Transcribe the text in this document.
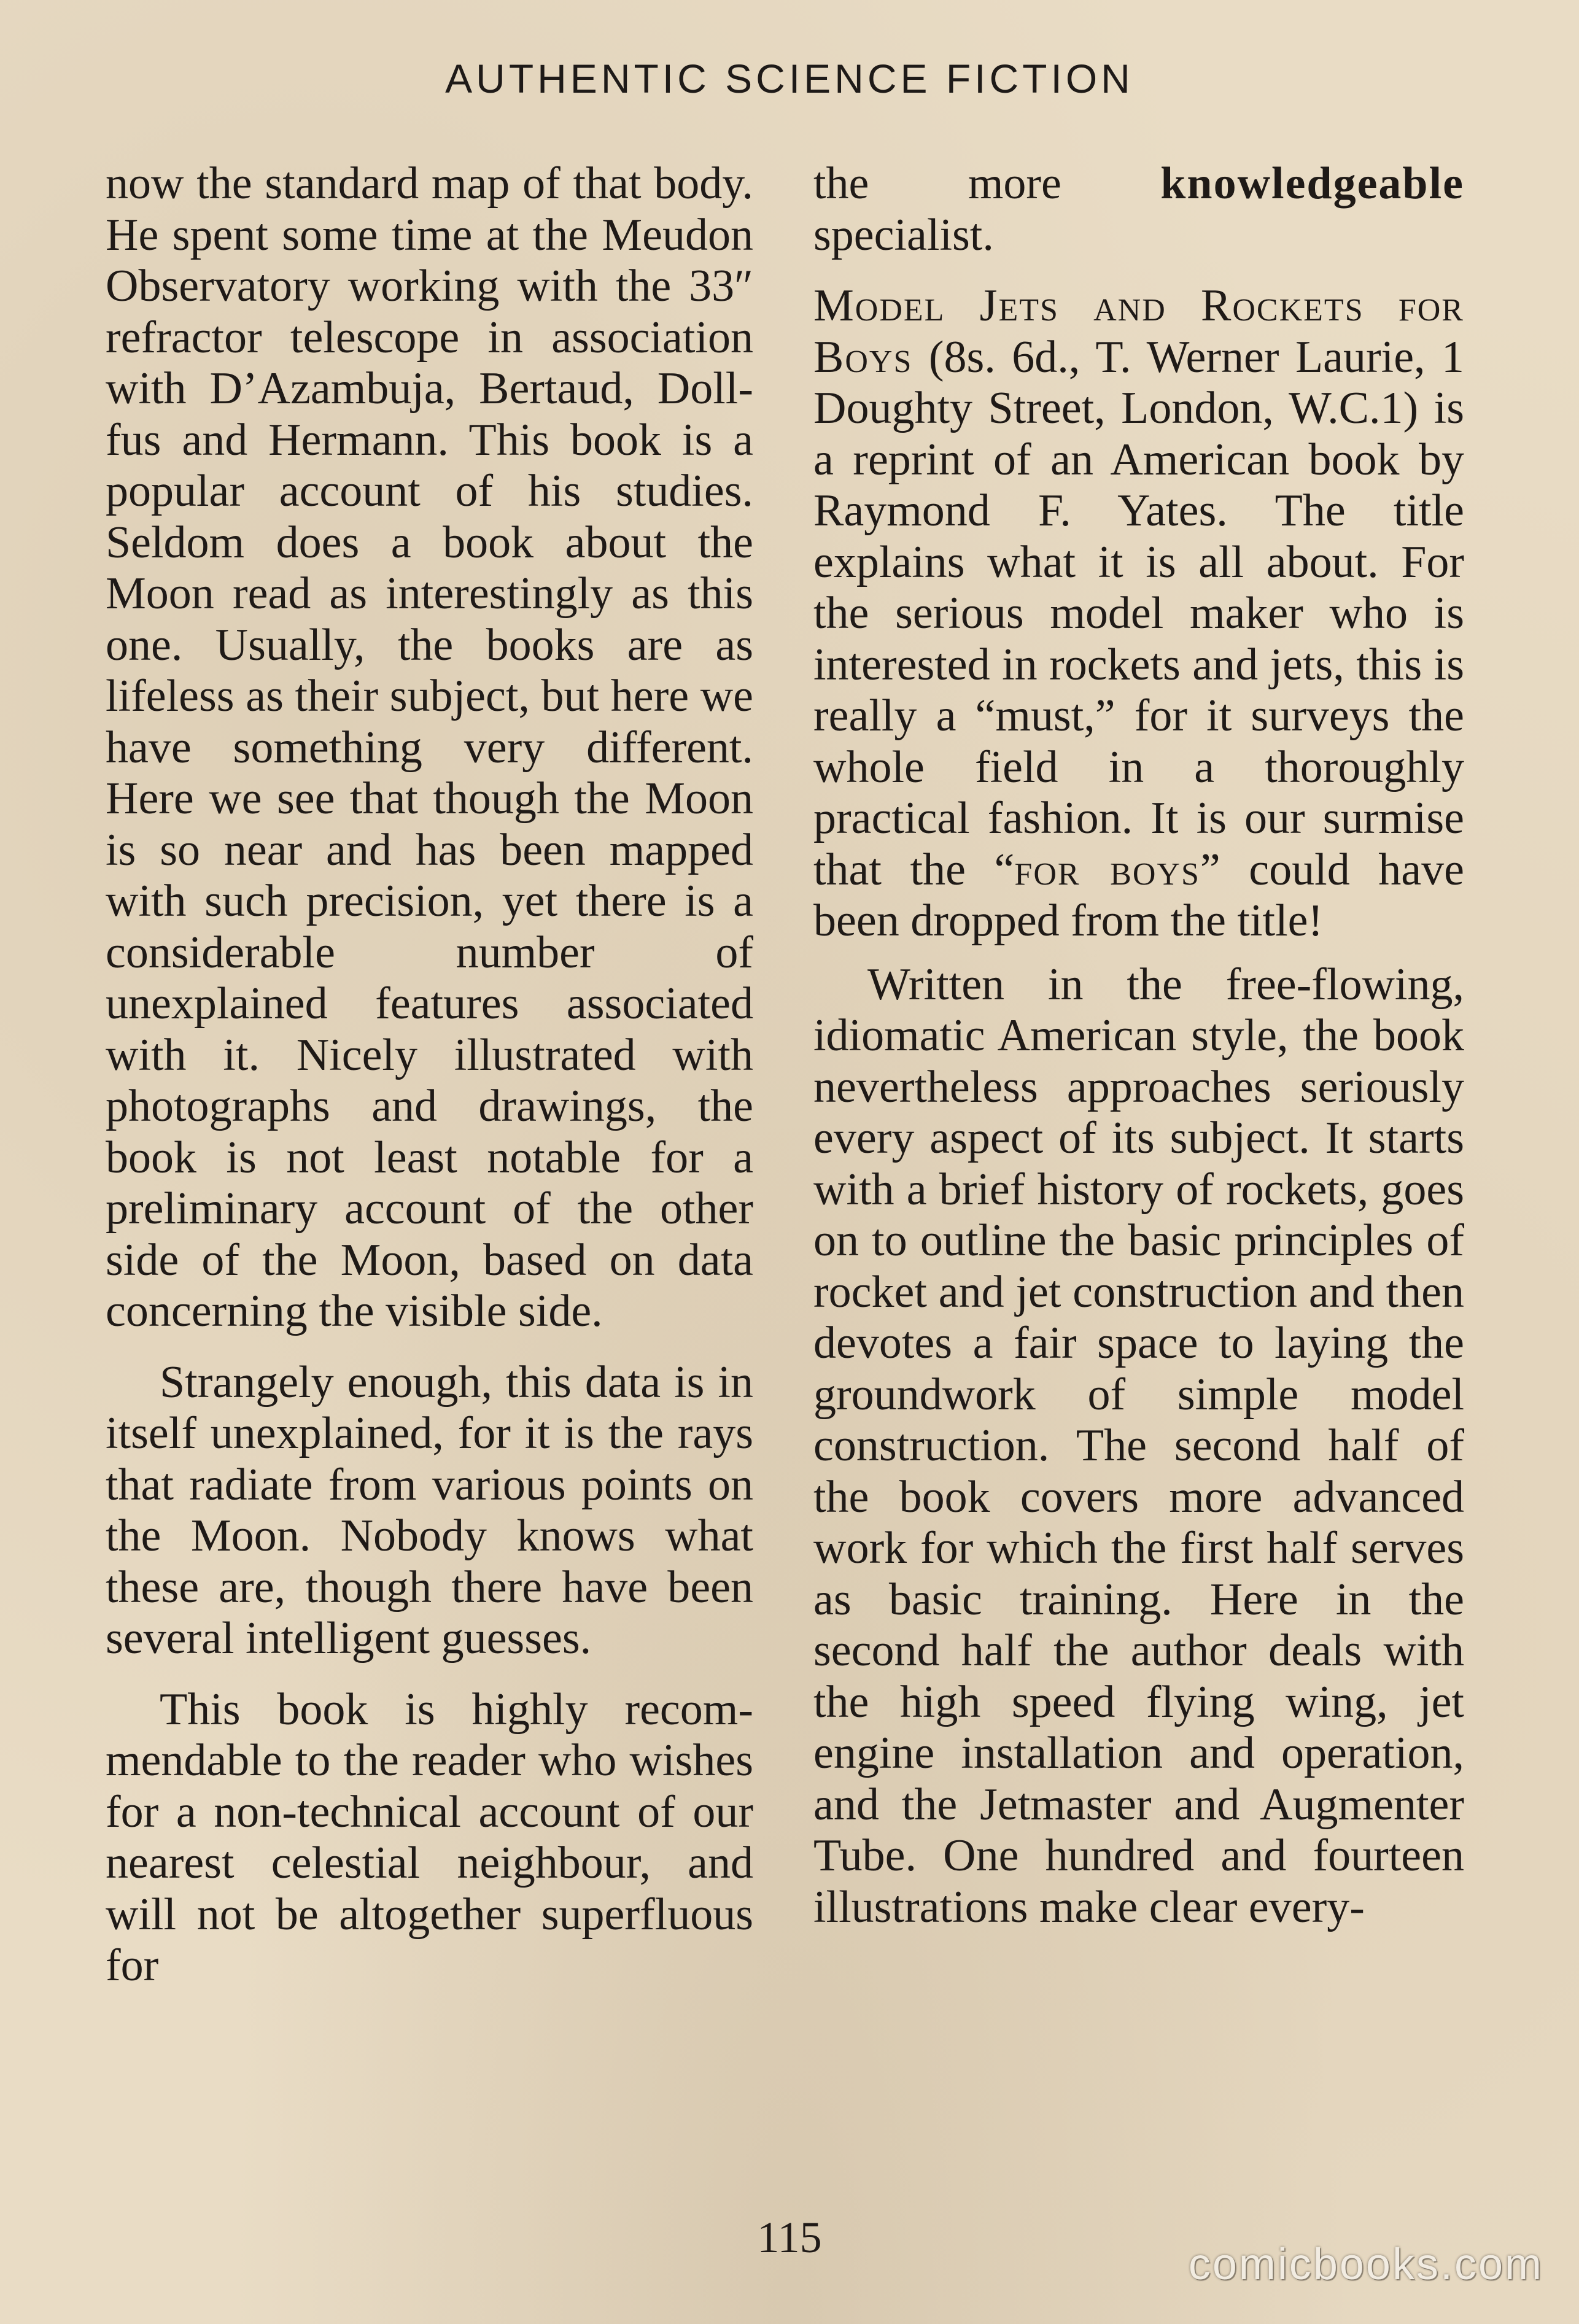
AUTHENTIC SCIENCE FICTION

now the standard map of that body. He spent some time at the Meudon Observatory working with the 33″ refractor telescope in association with D’Azambuja, Bertaud, Dollfus and Hermann. This book is a popular account of his studies. Seldom does a book about the Moon read as interestingly as this one. Usually, the books are as lifeless as their subject, but here we have something very different. Here we see that though the Moon is so near and has been mapped with such precision, yet there is a considerable number of unexplained features associated with it. Nicely illustrated with photographs and drawings, the book is not least notable for a preliminary account of the other side of the Moon, based on data concerning the visible side.

Strangely enough, this data is in itself unexplained, for it is the rays that radiate from various points on the Moon. Nobody knows what these are, though there have been several intelligent guesses.

This book is highly recommendable to the reader who wishes for a non-technical account of our nearest celestial neighbour, and will not be altogether superfluous for

the more knowledgeable specialist.

Model Jets and Rockets for Boys (8s. 6d., T. Werner Laurie, 1 Doughty Street, London, W.C.1) is a reprint of an American book by Raymond F. Yates. The title explains what it is all about. For the serious model maker who is interested in rockets and jets, this is really a “must,” for it surveys the whole field in a thoroughly practical fashion. It is our surmise that the “for boys” could have been dropped from the title!

Written in the free-flowing, idiomatic American style, the book nevertheless approaches seriously every aspect of its subject. It starts with a brief history of rockets, goes on to outline the basic principles of rocket and jet construction and then devotes a fair space to laying the groundwork of simple model construction. The second half of the book covers more advanced work for which the first half serves as basic training. Here in the second half the author deals with the high speed flying wing, jet engine installation and operation, and the Jetmaster and Augmenter Tube. One hundred and fourteen illustrations make clear every-

115
comicbooks.com
